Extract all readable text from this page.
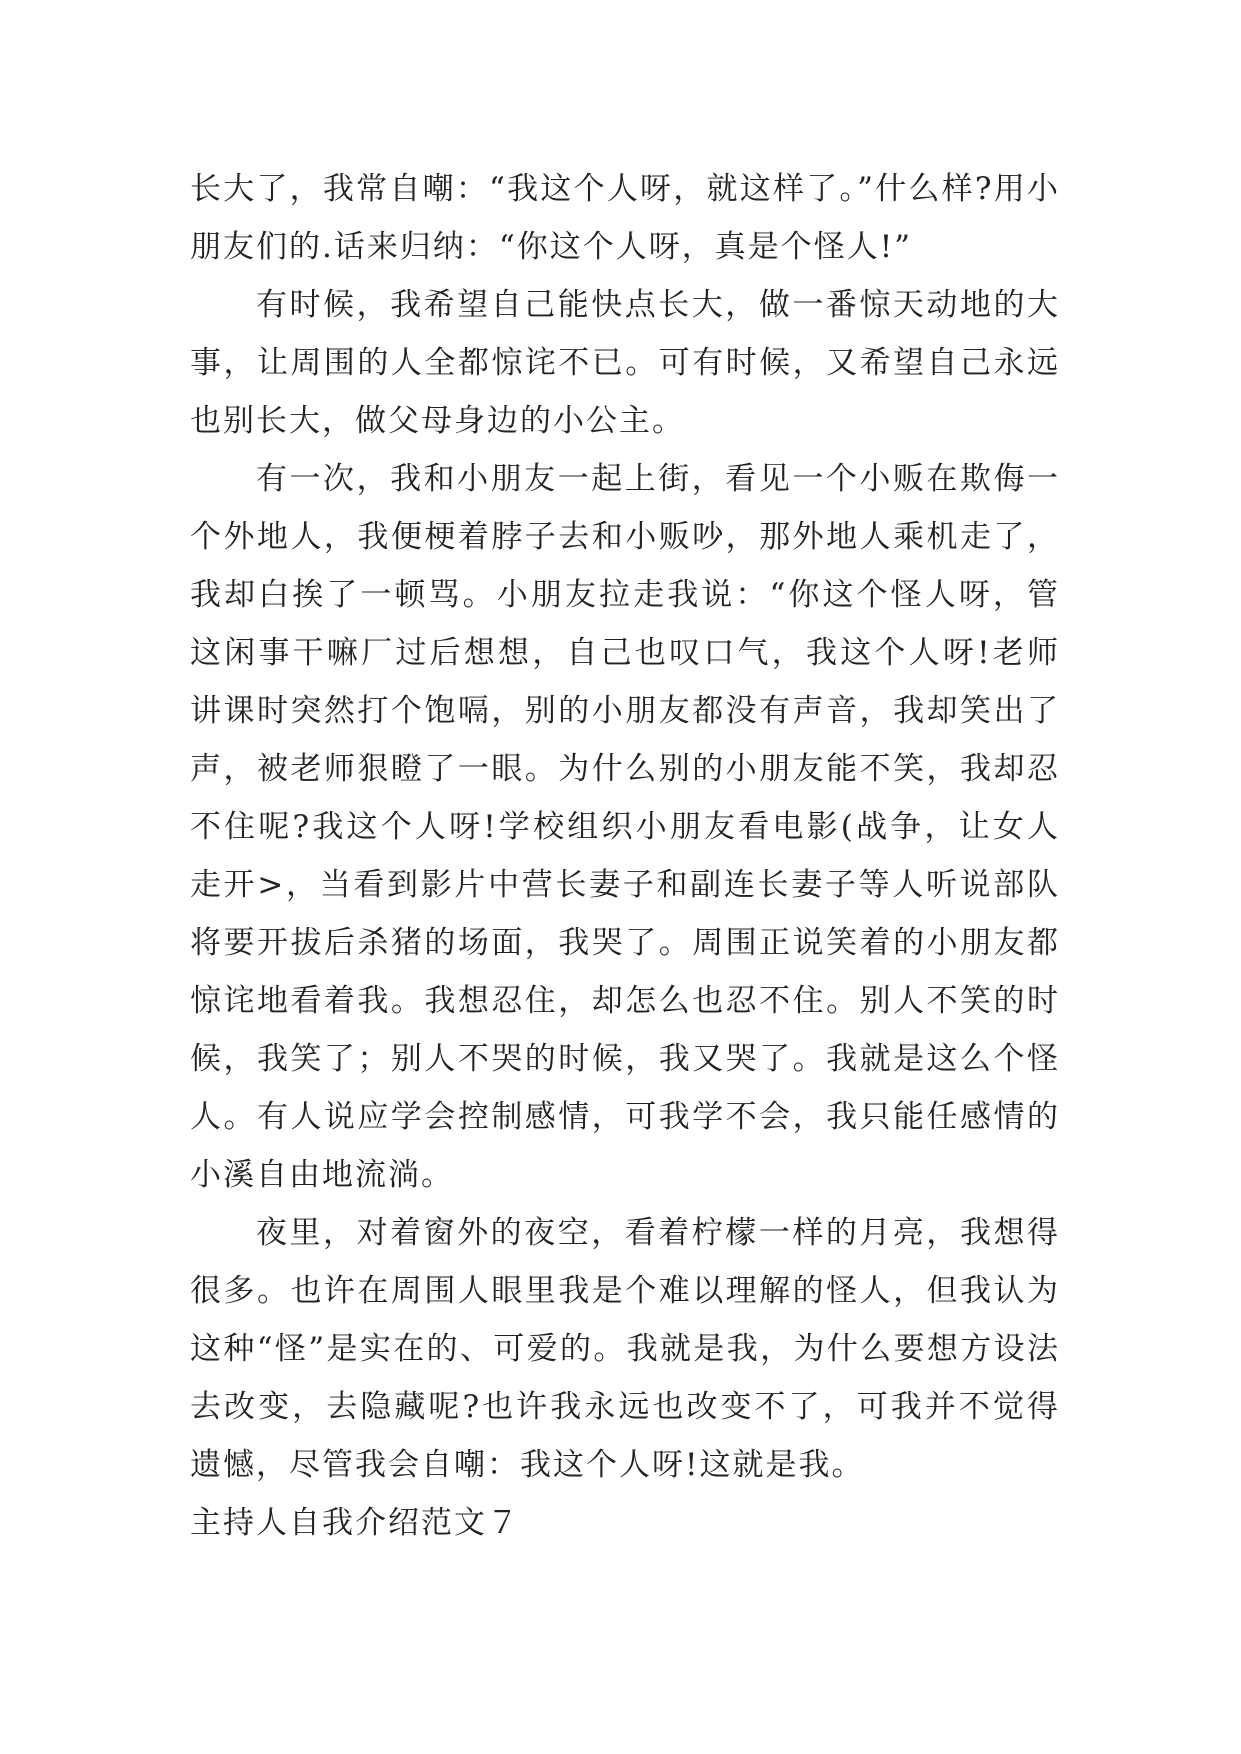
长大了，我常自嘲：“我这个人呀，就这样了。”什么样?用小朋友们的.话来归纳：“你这个人呀，真是个怪人!”

有时候，我希望自己能快点长大，做一番惊天动地的大事，让周围的人全都惊诧不已。可有时候，又希望自己永远也别长大，做父母身边的小公主。

有一次，我和小朋友一起上街，看见一个小贩在欺侮一个外地人，我便梗着脖子去和小贩吵，那外地人乘机走了，我却白挨了一顿骂。小朋友拉走我说：“你这个怪人呀，管这闲事干嘛厂过后想想，自己也叹口气，我这个人呀!老师讲课时突然打个饱嗝，别的小朋友都没有声音，我却笑出了声，被老师狠瞪了一眼。为什么别的小朋友能不笑，我却忍不住呢?我这个人呀!学校组织小朋友看电影(战争，让女人走开>，当看到影片中营长妻子和副连长妻子等人听说部队将要开拔后杀猪的场面，我哭了。周围正说笑着的小朋友都惊诧地看着我。我想忍住，却怎么也忍不住。别人不笑的时候，我笑了；别人不哭的时候，我又哭了。我就是这么个怪人。有人说应学会控制感情，可我学不会，我只能任感情的小溪自由地流淌。

夜里，对着窗外的夜空，看着柠檬一样的月亮，我想得很多。也许在周围人眼里我是个难以理解的怪人，但我认为这种“怪”是实在的、可爱的。我就是我，为什么要想方设法去改变，去隐藏呢?也许我永远也改变不了，可我并不觉得遗憾，尽管我会自嘲：我这个人呀!这就是我。

主持人自我介绍范文７
